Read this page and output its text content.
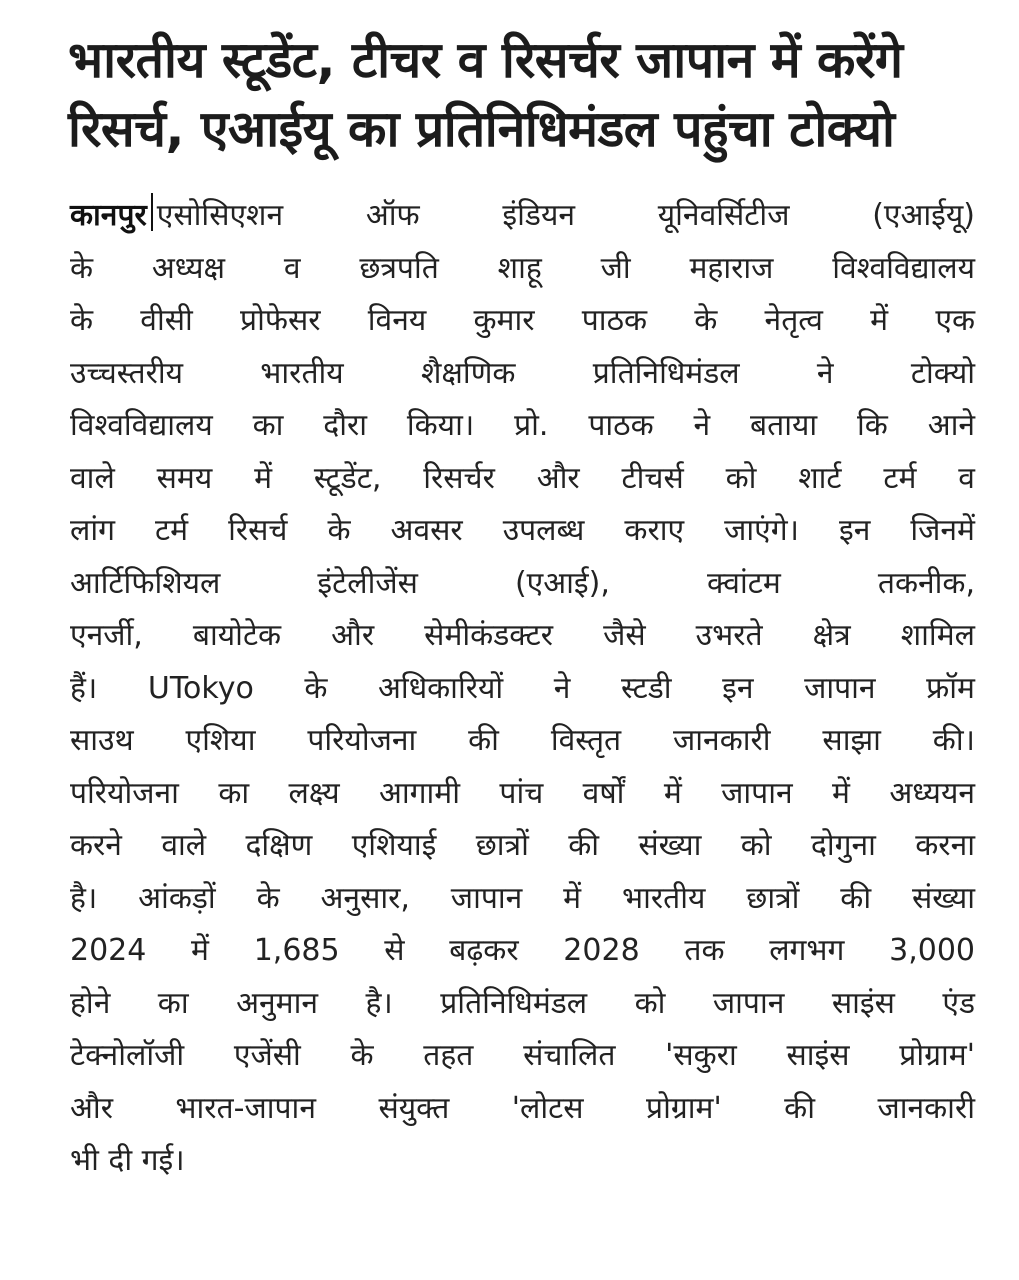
भारतीय स्टूडेंट, टीचर व रिसर्चर जापान में करेंगे
रिसर्च, एआईयू का प्रतिनिधिमंडल पहुंचा टोक्यो
कानपुर एसोसिएशन ऑफ इंडियन यूनिवर्सिटीज (एआईयू)
के अध्यक्ष व छत्रपति शाहू जी महाराज विश्वविद्यालय
के वीसी प्रोफेसर विनय कुमार पाठक के नेतृत्व में एक
उच्चस्तरीय भारतीय शैक्षणिक प्रतिनिधिमंडल ने टोक्यो
विश्वविद्यालय का दौरा किया। प्रो. पाठक ने बताया कि आने
वाले समय में स्टूडेंट, रिसर्चर और टीचर्स को शार्ट टर्म व
लांग टर्म रिसर्च के अवसर उपलब्ध कराए जाएंगे। इन जिनमें
आर्टिफिशियल इंटेलीजेंस (एआई), क्वांटम तकनीक,
एनर्जी, बायोटेक और सेमीकंडक्टर जैसे उभरते क्षेत्र शामिल
हैं। UTokyo के अधिकारियों ने स्टडी इन जापान फ्रॉम
साउथ एशिया परियोजना की विस्तृत जानकारी साझा की।
परियोजना का लक्ष्य आगामी पांच वर्षों में जापान में अध्ययन
करने वाले दक्षिण एशियाई छात्रों की संख्या को दोगुना करना
है। आंकड़ों के अनुसार, जापान में भारतीय छात्रों की संख्या
2024 में 1,685 से बढ़कर 2028 तक लगभग 3,000
होने का अनुमान है। प्रतिनिधिमंडल को जापान साइंस एंड
टेक्नोलॉजी एजेंसी के तहत संचालित 'सकुरा साइंस प्रोग्राम'
और भारत-जापान संयुक्त 'लोटस प्रोग्राम' की जानकारी
भी दी गई।
